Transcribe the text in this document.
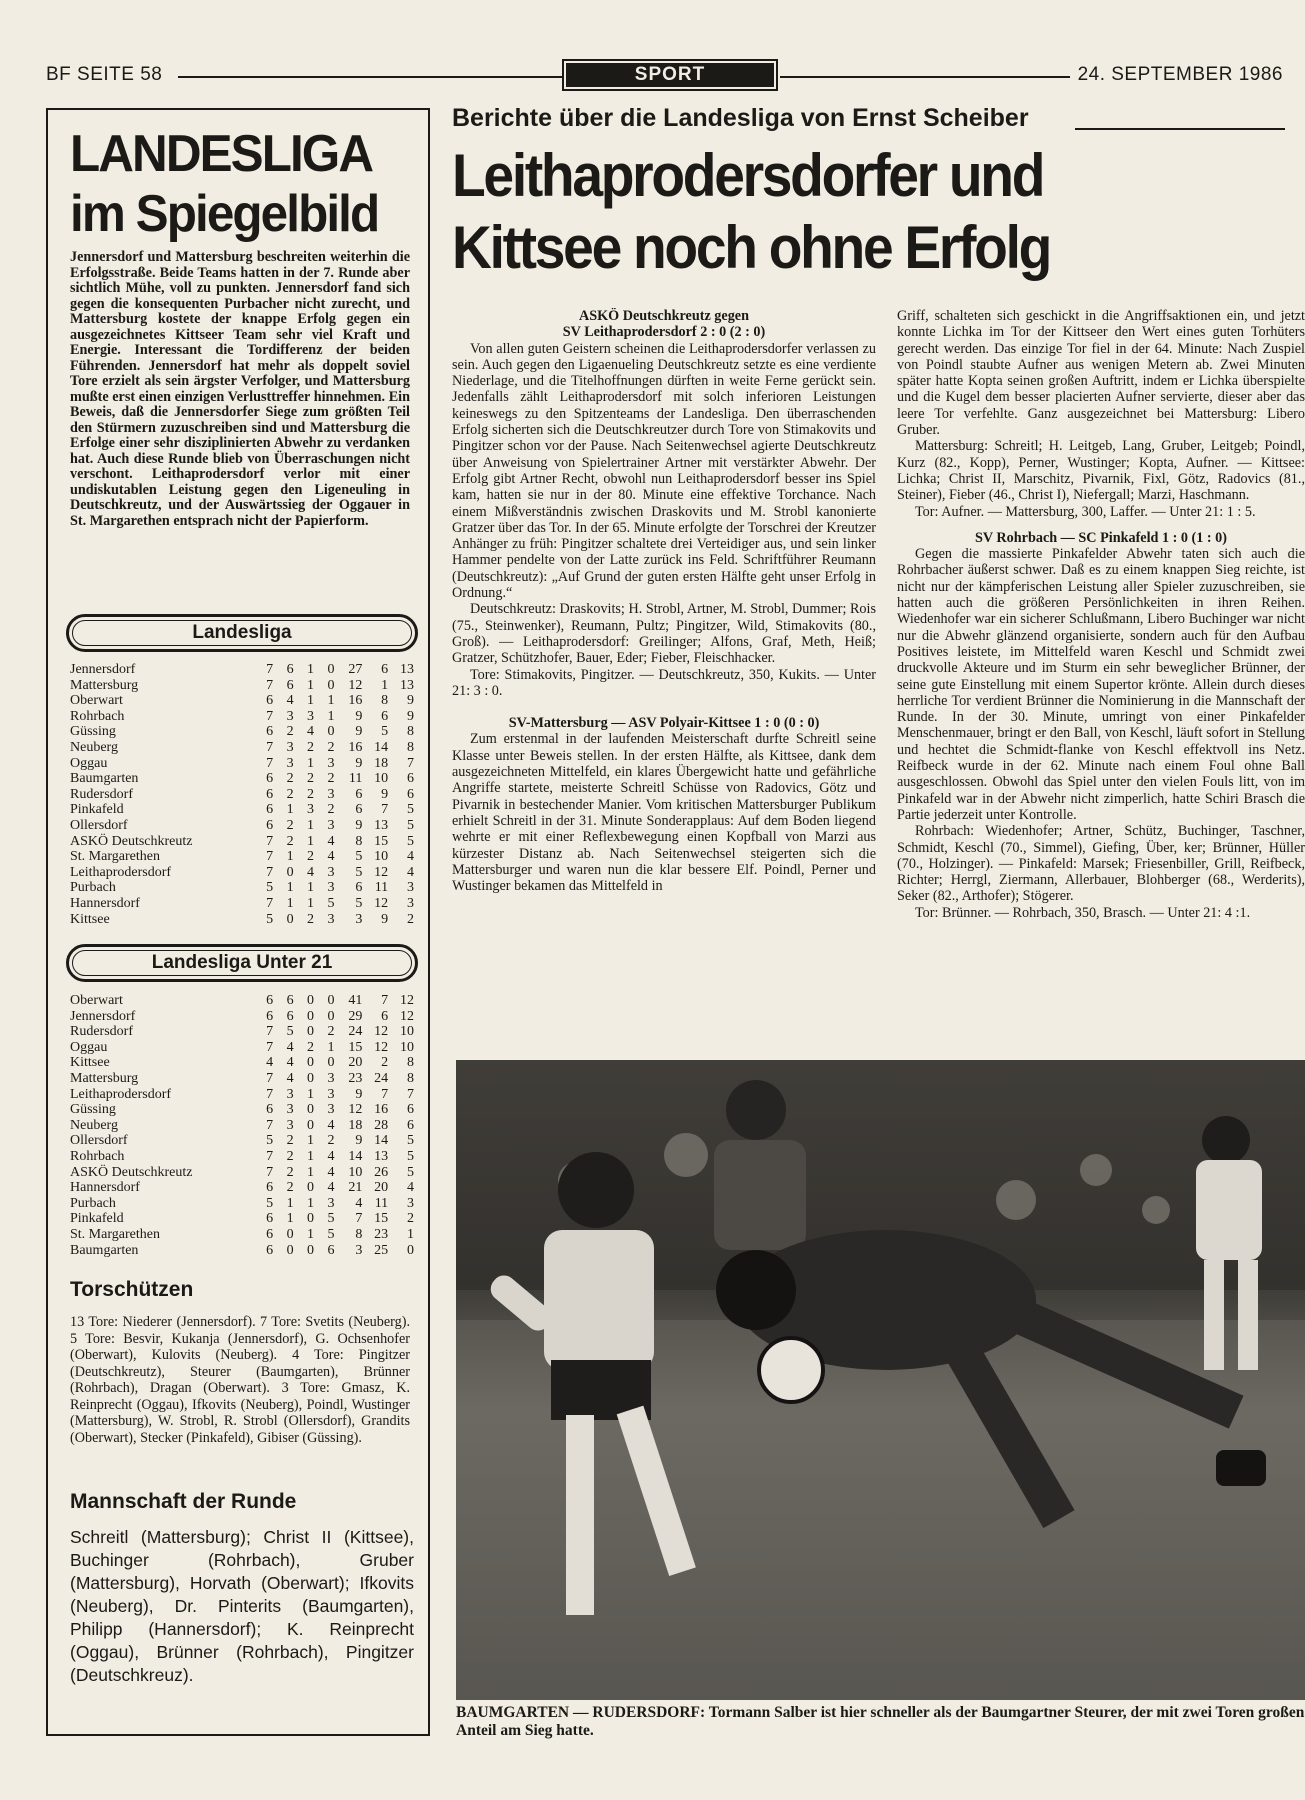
BF SEITE 58	SPORT	24. SEPTEMBER 1986
LANDESLIGA
im Spiegelbild
Jennersdorf und Mattersburg beschreiten weiterhin die Erfolgsstraße. Beide Teams hatten in der 7. Runde aber sichtlich Mühe, voll zu punkten. Jennersdorf fand sich gegen die konsequenten Purbacher nicht zurecht, und Mattersburg kostete der knappe Erfolg gegen ein ausgezeichnetes Kittseer Team sehr viel Kraft und Energie. Interessant die Tordifferenz der beiden Führenden. Jennersdorf hat mehr als doppelt soviel Tore erzielt als sein ärgster Verfolger, und Mattersburg mußte erst einen einzigen Verlusttreffer hinnehmen. Ein Beweis, daß die Jennersdorfer Siege zum größten Teil den Stürmern zuzuschreiben sind und Mattersburg die Erfolge einer sehr disziplinierten Abwehr zu verdanken hat. Auch diese Runde blieb von Überraschungen nicht verschont. Leithaprodersdorf verlor mit einer undiskutablen Leistung gegen den Ligeneuling in Deutschkreutz, und der Auswärtssieg der Oggauer in St. Margarethen entsprach nicht der Papierform.
Landesliga
Jennersdorf	7	6	1	0	27	6	13
Mattersburg	7	6	1	0	12	1	13
Oberwart	6	4	1	1	16	8	9
Rohrbach	7	3	3	1	9	6	9
Güssing	6	2	4	0	9	5	8
Neuberg	7	3	2	2	16	14	8
Oggau	7	3	1	3	9	18	7
Baumgarten	6	2	2	2	11	10	6
Rudersdorf	6	2	2	3	6	9	6
Pinkafeld	6	1	3	2	6	7	5
Ollersdorf	6	2	1	3	9	13	5
ASKÖ Deutschkreutz	7	2	1	4	8	15	5
St. Margarethen	7	1	2	4	5	10	4
Leithaprodersdorf	7	0	4	3	5	12	4
Purbach	5	1	1	3	6	11	3
Hannersdorf	7	1	1	5	5	12	3
Kittsee	5	0	2	3	3	9	2
Landesliga Unter 21
Oberwart	6	6	0	0	41	7	12
Jennersdorf	6	6	0	0	29	6	12
Rudersdorf	7	5	0	2	24	12	10
Oggau	7	4	2	1	15	12	10
Kittsee	4	4	0	0	20	2	8
Mattersburg	7	4	0	3	23	24	8
Leithaprodersdorf	7	3	1	3	9	7	7
Güssing	6	3	0	3	12	16	6
Neuberg	7	3	0	4	18	28	6
Ollersdorf	5	2	1	2	9	14	5
Rohrbach	7	2	1	4	14	13	5
ASKÖ Deutschkreutz	7	2	1	4	10	26	5
Hannersdorf	6	2	0	4	21	20	4
Purbach	5	1	1	3	4	11	3
Pinkafeld	6	1	0	5	7	15	2
St. Margarethen	6	0	1	5	8	23	1
Baumgarten	6	0	0	6	3	25	0
Torschützen
13 Tore: Niederer (Jennersdorf). 7 Tore: Svetits (Neuberg). 5 Tore: Besvir, Kukanja (Jennersdorf), G. Ochsenhofer (Oberwart), Kulovits (Neuberg). 4 Tore: Pingitzer (Deutschkreutz), Steurer (Baumgarten), Brünner (Rohrbach), Dragan (Oberwart). 3 Tore: Gmasz, K. Reinprecht (Oggau), Ifkovits (Neuberg), Poindl, Wustinger (Mattersburg), W. Strobl, R. Strobl (Ollersdorf), Grandits (Oberwart), Stecker (Pinkafeld), Gibiser (Güssing).
Mannschaft der Runde
Schreitl (Mattersburg); Christ II (Kittsee), Buchinger (Rohrbach), Gruber (Mattersburg), Horvath (Oberwart); Ifkovits (Neuberg), Dr. Pinterits (Baumgarten), Philipp (Hannersdorf); K. Reinprecht (Oggau), Brünner (Rohrbach), Pingitzer (Deutschkreuz).
Berichte über die Landesliga von Ernst Scheiber
Leithaprodersdorfer und
Kittsee noch ohne Erfolg

ASKÖ Deutschkreutz gegen

SV Leithaprodersdorf 2 : 0 (2 : 0)

Von allen guten Geistern scheinen die Leithaprodersdorfer verlassen zu sein. Auch gegen den Ligaenueling Deutschkreutz setzte es eine verdiente Niederlage, und die Titelhoffnungen dürften in weite Ferne gerückt sein. Jedenfalls zählt Leithaprodersdorf mit solch inferioren Leistungen keineswegs zu den Spitzenteams der Landesliga. Den überraschenden Erfolg sicherten sich die Deutschkreutzer durch Tore von Stimakovits und Pingitzer schon vor der Pause. Nach Seitenwechsel agierte Deutschkreutz über Anweisung von Spielertrainer Artner mit verstärkter Abwehr. Der Erfolg gibt Artner Recht, obwohl nun Leithaprodersdorf besser ins Spiel kam, hatten sie nur in der 80. Minute eine effektive Torchance. Nach einem Mißverständnis zwischen Draskovits und M. Strobl kanonierte Gratzer über das Tor. In der 65. Minute erfolgte der Torschrei der Kreutzer Anhänger zu früh: Pingitzer schaltete drei Verteidiger aus, und sein linker Hammer pendelte von der Latte zurück ins Feld. Schriftführer Reumann (Deutschkreutz): „Auf Grund der guten ersten Hälfte geht unser Erfolg in Ordnung.“

Deutschkreutz: Draskovits; H. Strobl, Artner, M. Strobl, Dummer; Rois (75., Steinwenker), Reumann, Pultz; Pingitzer, Wild, Stimakovits (80., Groß). — Leithaprodersdorf: Greilinger; Alfons, Graf, Meth, Heiß; Gratzer, Schützhofer, Bauer, Eder; Fieber, Fleischhacker.

Tore: Stimakovits, Pingitzer. — Deutschkreutz, 350, Kukits. — Unter 21: 3 : 0.

SV-Mattersburg — ASV Polyair-Kittsee 1 : 0 (0 : 0)

Zum erstenmal in der laufenden Meisterschaft durfte Schreitl seine Klasse unter Beweis stellen. In der ersten Hälfte, als Kittsee, dank dem ausgezeichneten Mittelfeld, ein klares Übergewicht hatte und gefährliche Angriffe startete, meisterte Schreitl Schüsse von Radovics, Götz und Pivarnik in bestechender Manier. Vom kritischen Mattersburger Publikum erhielt Schreitl in der 31. Minute Sonderapplaus: Auf dem Boden liegend wehrte er mit einer Reflexbewegung einen Kopfball von Marzi aus kürzester Distanz ab. Nach Seitenwechsel steigerten sich die Mattersburger und waren nun die klar bessere Elf. Poindl, Perner und Wustinger bekamen das Mittelfeld in

Griff, schalteten sich geschickt in die Angriffsaktionen ein, und jetzt konnte Lichka im Tor der Kittseer den Wert eines guten Torhüters gerecht werden. Das einzige Tor fiel in der 64. Minute: Nach Zuspiel von Poindl staubte Aufner aus wenigen Metern ab. Zwei Minuten später hatte Kopta seinen großen Auftritt, indem er Lichka überspielte und die Kugel dem besser placierten Aufner servierte, dieser aber das leere Tor verfehlte. Ganz ausgezeichnet bei Mattersburg: Libero Gruber.

Mattersburg: Schreitl; H. Leitgeb, Lang, Gruber, Leitgeb; Poindl, Kurz (82., Kopp), Perner, Wustinger; Kopta, Aufner. — Kittsee: Lichka; Christ II, Marschitz, Pivarnik, Fixl, Götz, Radovics (81., Steiner), Fieber (46., Christ I), Niefergall; Marzi, Haschmann.

Tor: Aufner. — Mattersburg, 300, Laffer. — Unter 21: 1 : 5.

SV Rohrbach — SC Pinkafeld 1 : 0 (1 : 0)

Gegen die massierte Pinkafelder Abwehr taten sich auch die Rohrbacher äußerst schwer. Daß es zu einem knappen Sieg reichte, ist nicht nur der kämpferischen Leistung aller Spieler zuzuschreiben, sie hatten auch die größeren Persönlichkeiten in ihren Reihen. Wiedenhofer war ein sicherer Schlußmann, Libero Buchinger war nicht nur die Abwehr glänzend organisierte, sondern auch für den Aufbau Positives leistete, im Mittelfeld waren Keschl und Schmidt zwei druckvolle Akteure und im Sturm ein sehr beweglicher Brünner, der seine gute Einstellung mit einem Supertor krönte. Allein durch dieses herrliche Tor verdient Brünner die Nominierung in die Mannschaft der Runde. In der 30. Minute, umringt von einer Pinkafelder Menschenmauer, bringt er den Ball, von Keschl, läuft sofort in Stellung und hechtet die Schmidt-flanke von Keschl effektvoll ins Netz. Reifbeck wurde in der 62. Minute nach einem Foul ohne Ball ausgeschlossen. Obwohl das Spiel unter den vielen Fouls litt, von im Pinkafeld war in der Abwehr nicht zimperlich, hatte Schiri Brasch die Partie jederzeit unter Kontrolle.

Rohrbach: Wiedenhofer; Artner, Schütz, Buchinger, Taschner, Schmidt, Keschl (70., Simmel), Giefing, Über, ker; Brünner, Hüller (70., Holzinger). — Pinkafeld: Marsek; Friesenbiller, Grill, Reifbeck, Richter; Herrgl, Ziermann, Allerbauer, Blohberger (68., Werderits), Seker (82., Arthofer); Stögerer.

Tor: Brünner. — Rohrbach, 350, Brasch. — Unter 21: 4 :1.

BAUMGARTEN — RUDERSDORF: Tormann Salber ist hier schneller als der Baumgartner Steurer, der mit zwei Toren großen Anteil am Sieg hatte.
